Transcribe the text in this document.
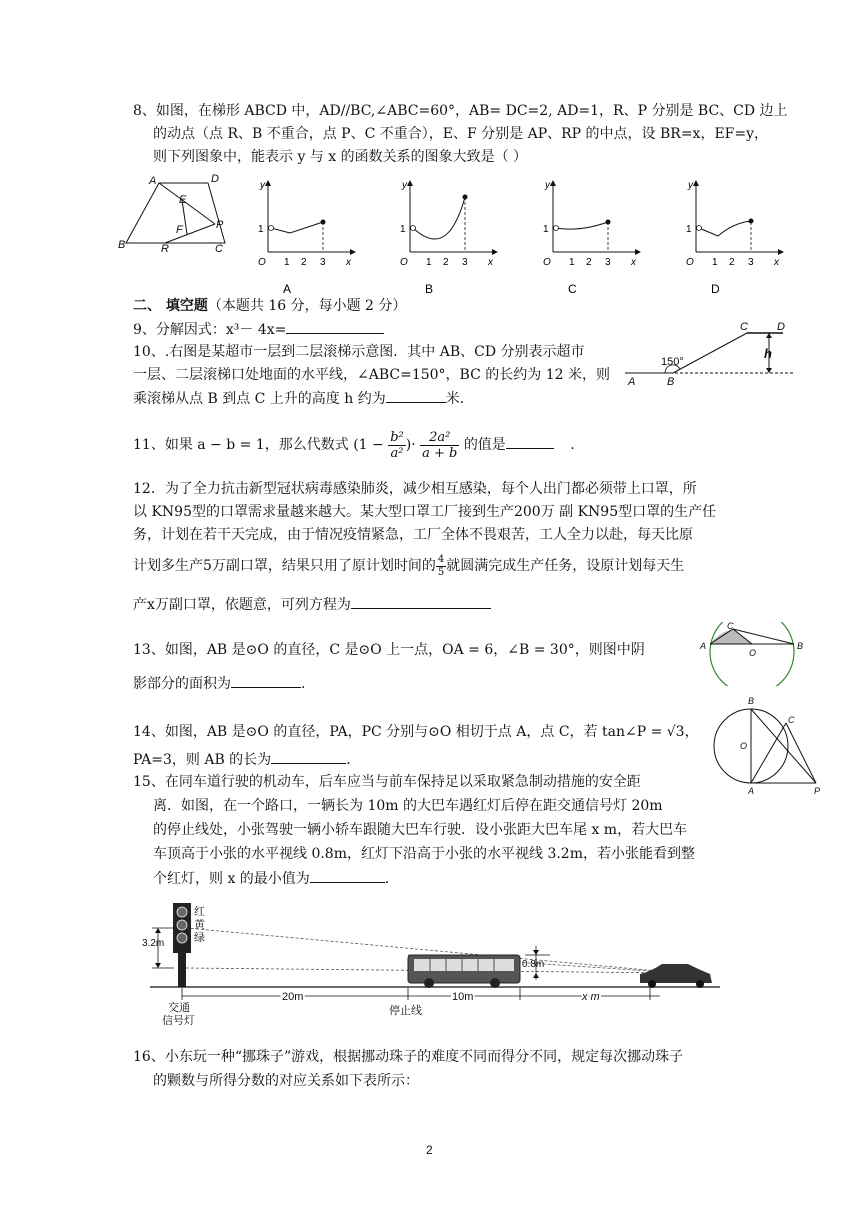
8、如图，在梯形 ABCD 中，AD//BC,∠ABC=60°，AB= DC=2, AD=1，R、P 分别是 BC、CD 边上
的动点（点 R、B 不重合，点 P、C 不重合），E、F 分别是 AP、RP 的中点，设 BR=x，EF=y，
则下列图象中，能表示 y 与 x 的函数关系的图象大致是（ ）
A	D
E
F	P
B	R	C
y
1
O 1 2 3 x
A
y
1
O 1 2 3 x
B
y
1
O 1 2 3 x
C
y
1
O 1 2 3 x
D
二、 填空题（本题共 16 分，每小题 2 分）
9、分解因式：x³－ 4x=
10、.右图是某超市一层到二层滚梯示意图．其中 AB、CD 分别表示超市
一层、二层滚梯口处地面的水平线，∠ABC=150°，BC 的长约为 12 米，则
乘滚梯从点 B 到点 C 上升的高度 h 约为	米．
150°
A	B
C	D
h
11、如果 a − b = 1，那么代数式 ($1 - \frac{\text{b²}}{\text{a²}}$ )· $\frac{\text{2a²}}{a + b}$ 的值是	.
12．为了全力抗击新型冠状病毒感染肺炎，减少相互感染，每个人出门都必须带上口罩，所
以 KN95型的口罩需求量越来越大。某大型口罩工厂接到生产200万 副 KN95型口罩的生产任
务，计划在若干天完成，由于情况疫情紧急，工厂全体不畏艰苦，工人全力以赴，每天比原
计划多生产5万副口罩，结果只用了原计划时间的 $\frac{4}{5}$ 就圆满完成生产任务，设原计划每天生
产x万副口罩，依题意，可列方程为
A	B
C
O
13、如图，AB 是⊙O 的直径，C 是⊙O 上一点，OA = 6，∠B = 30°，则图中阴
影部分的面积为	.
B
C
O
A	P
14、如图，AB 是⊙O 的直径，PA，PC 分别与⊙O 相切于点 A，点 C，若 tan∠P = √3，
PA=3，则 AB 的长为	.
15、在同车道行驶的机动车，后车应当与前车保持足以采取紧急制动措施的安全距
离．如图，在一个路口，一辆长为 10m 的大巴车遇红灯后停在距交通信号灯 20m
的停止线处，小张驾驶一辆小轿车跟随大巴车行驶．设小张距大巴车尾 x m，若大巴车
车顶高于小张的水平视线 0.8m，红灯下沿高于小张的水平视线 3.2m，若小张能看到整
个红灯，则 x 的最小值为	.
红
黄
绿
3.2m
0.8m
20m	10m	x m
交通
信号灯
停止线
16、小东玩一种“挪珠子”游戏，根据挪动珠子的难度不同而得分不同，规定每次挪动珠子
的颗数与所得分数的对应关系如下表所示：
2
